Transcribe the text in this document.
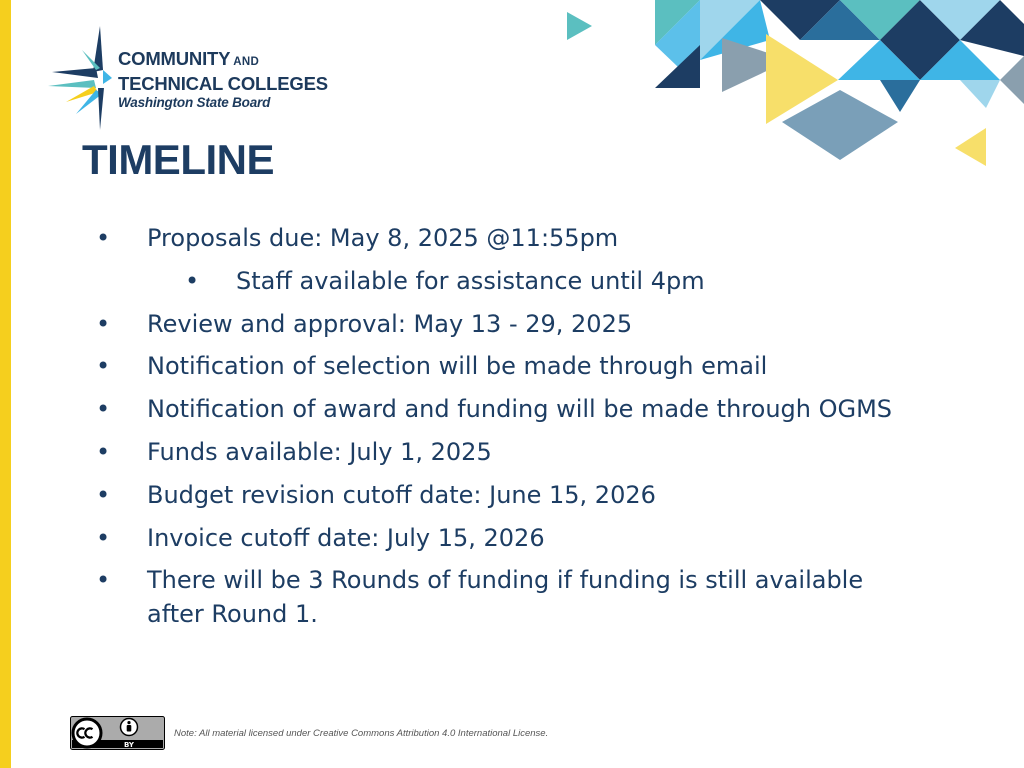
COMMUNITY AND
TECHNICAL COLLEGES
Washington State Board
TIMELINE
• Proposals due: May 8, 2025 @11:55pm
• Staff available for assistance until 4pm
• Review and approval: May 13 - 29, 2025
• Notification of selection will be made through email
• Notification of award and funding will be made through OGMS
• Funds available: July 1, 2025
• Budget revision cutoff date: June 15, 2026
• Invoice cutoff date: July 15, 2026
• There will be 3 Rounds of funding if funding is still available after Round 1.
BY
Note: All material licensed under Creative Commons Attribution 4.0 International License.
